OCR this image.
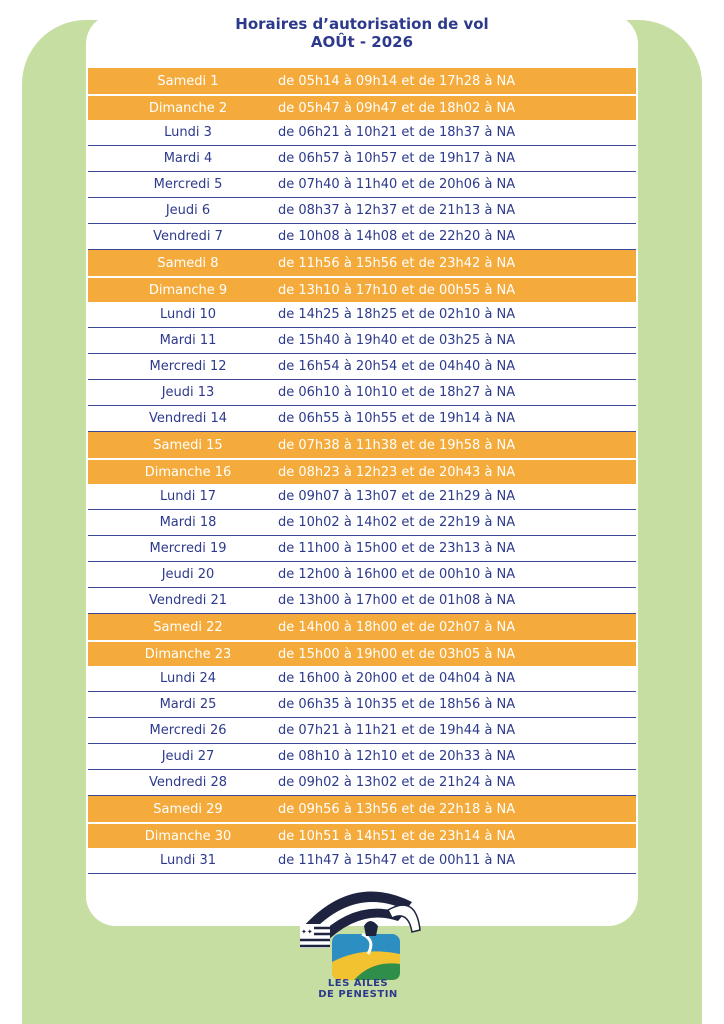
Horaires d’autorisation de vol
AOÛt - 2026
Samedi 1	de 05h14 à 09h14 et de 17h28 à NA
Dimanche 2	de 05h47 à 09h47 et de 18h02 à NA
Lundi 3	de 06h21 à 10h21 et de 18h37 à NA
Mardi 4	de 06h57 à 10h57 et de 19h17 à NA
Mercredi 5	de 07h40 à 11h40 et de 20h06 à NA
Jeudi 6	de 08h37 à 12h37 et de 21h13 à NA
Vendredi 7	de 10h08 à 14h08 et de 22h20 à NA
Samedi 8	de 11h56 à 15h56 et de 23h42 à NA
Dimanche 9	de 13h10 à 17h10 et de 00h55 à NA
Lundi 10	de 14h25 à 18h25 et de 02h10 à NA
Mardi 11	de 15h40 à 19h40 et de 03h25 à NA
Mercredi 12	de 16h54 à 20h54 et de 04h40 à NA
Jeudi 13	de 06h10 à 10h10 et de 18h27 à NA
Vendredi 14	de 06h55 à 10h55 et de 19h14 à NA
Samedi 15	de 07h38 à 11h38 et de 19h58 à NA
Dimanche 16	de 08h23 à 12h23 et de 20h43 à NA
Lundi 17	de 09h07 à 13h07 et de 21h29 à NA
Mardi 18	de 10h02 à 14h02 et de 22h19 à NA
Mercredi 19	de 11h00 à 15h00 et de 23h13 à NA
Jeudi 20	de 12h00 à 16h00 et de 00h10 à NA
Vendredi 21	de 13h00 à 17h00 et de 01h08 à NA
Samedi 22	de 14h00 à 18h00 et de 02h07 à NA
Dimanche 23	de 15h00 à 19h00 et de 03h05 à NA
Lundi 24	de 16h00 à 20h00 et de 04h04 à NA
Mardi 25	de 06h35 à 10h35 et de 18h56 à NA
Mercredi 26	de 07h21 à 11h21 et de 19h44 à NA
Jeudi 27	de 08h10 à 12h10 et de 20h33 à NA
Vendredi 28	de 09h02 à 13h02 et de 21h24 à NA
Samedi 29	de 09h56 à 13h56 et de 22h18 à NA
Dimanche 30	de 10h51 à 14h51 et de 23h14 à NA
Lundi 31	de 11h47 à 15h47 et de 00h11 à NA
✦✦
LES AILES
DE PENESTIN
